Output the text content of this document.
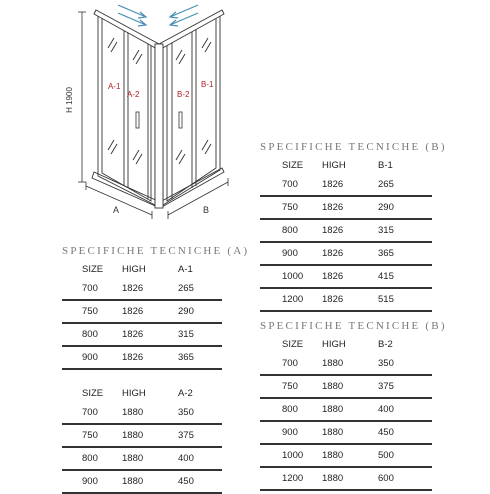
H 1900
A-1
A-2	B-2
B-1
A	B
SPECIFICHE TECNICHE (B)
SIZE	HIGH	B-1
700	1826	265
750	1826	290
800	1826	315
900	1826	365
1000	1826	415
1200	1826	515
SPECIFICHE TECNICHE (A)
SIZE	HIGH	A-1
700	1826	265
750	1826	290
800	1826	315
900	1826	365

SIZE	HIGH	A-2
700	1880	350
750	1880	375
800	1880	400
900	1880	450
SPECIFICHE TECNICHE (B)
SIZE	HIGH	B-2
700	1880	350
750	1880	375
800	1880	400
900	1880	450
1000	1880	500
1200	1880	600
